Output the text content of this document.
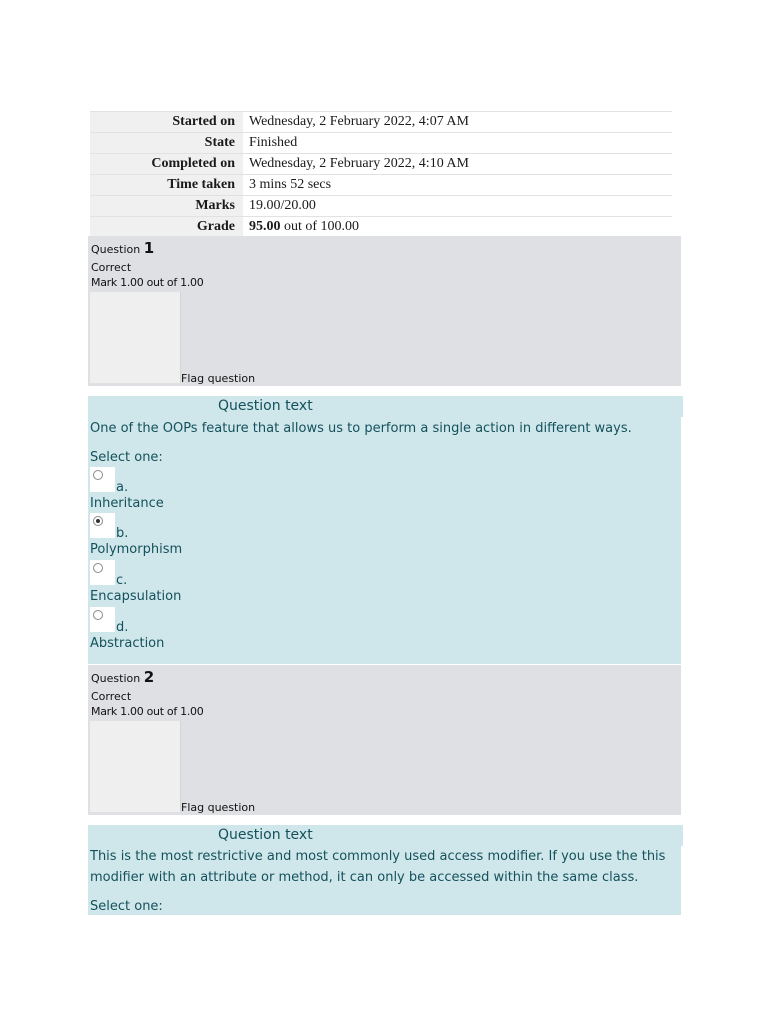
Started on	Wednesday, 2 February 2022, 4:07 AM
State	Finished
Completed on	Wednesday, 2 February 2022, 4:10 AM
Time taken	3 mins 52 secs
Marks	19.00/20.00
Grade	95.00 out of 100.00
Question 1
Correct
Mark 1.00 out of 1.00
Flag question
Question text
One of the OOPs feature that allows us to perform a single action in different ways.
Select one:
a.
Inheritance
b.
Polymorphism
c.
Encapsulation
d.
Abstraction
Question 2
Correct
Mark 1.00 out of 1.00
Flag question
Question text
This is the most restrictive and most commonly used access modifier. If you use the this
modifier with an attribute or method, it can only be accessed within the same class.
Select one:
